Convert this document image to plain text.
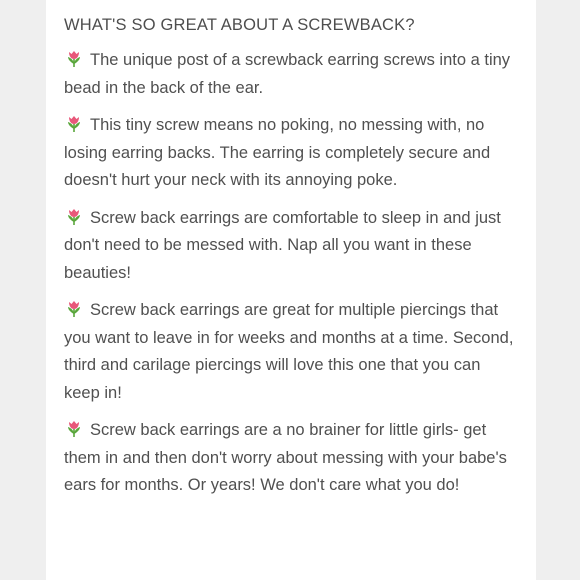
WHAT'S SO GREAT ABOUT A SCREWBACK?

The unique post of a screwback earring screws into a tiny bead in the back of the ear.

This tiny screw means no poking, no messing with, no losing earring backs. The earring is completely secure and doesn't hurt your neck with its annoying poke.

Screw back earrings are comfortable to sleep in and just don't need to be messed with. Nap all you want in these beauties!

Screw back earrings are great for multiple piercings that you want to leave in for weeks and months at a time. Second, third and carilage piercings will love this one that you can keep in!

Screw back earrings are a no brainer for little girls- get them in and then don't worry about messing with your babe's ears for months. Or years! We don't care what you do!
